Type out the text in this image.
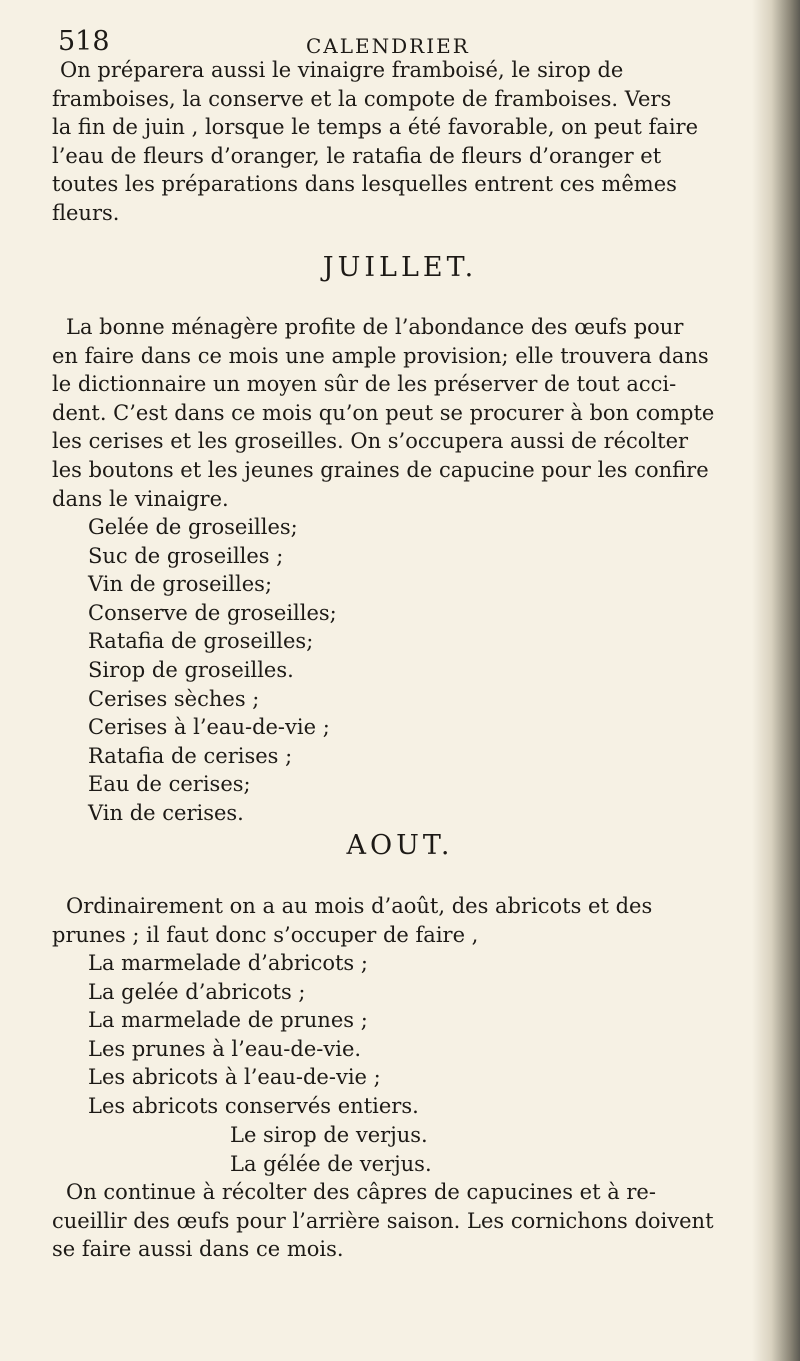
518	CALENDRIER
On préparera aussi le vinaigre framboisé, le sirop de
framboises, la conserve et la compote de framboises. Vers
la fin de juin , lorsque le temps a été favorable, on peut faire
l’eau de fleurs d’oranger, le ratafia de fleurs d’oranger et
toutes les préparations dans lesquelles entrent ces mêmes
fleurs.
JUILLET.
La bonne ménagère profite de l’abondance des œufs pour
en faire dans ce mois une ample provision; elle trouvera dans
le dictionnaire un moyen sûr de les préserver de tout acci-
dent. C’est dans ce mois qu’on peut se procurer à bon compte
les cerises et les groseilles. On s’occupera aussi de récolter
les boutons et les jeunes graines de capucine pour les confire
dans le vinaigre.
Gelée de groseilles;
Suc de groseilles ;
Vin de groseilles;
Conserve de groseilles;
Ratafia de groseilles;
Sirop de groseilles.
Cerises sèches ;
Cerises à l’eau-de-vie ;
Ratafia de cerises ;
Eau de cerises;
Vin de cerises.
AOUT.
Ordinairement on a au mois d’août, des abricots et des
prunes ; il faut donc s’occuper de faire ,
La marmelade d’abricots ;
La gelée d’abricots ;
La marmelade de prunes ;
Les prunes à l’eau-de-vie.
Les abricots à l’eau-de-vie ;
Les abricots conservés entiers.
Le sirop de verjus.
La gélée de verjus.
On continue à récolter des câpres de capucines et à re-
cueillir des œufs pour l’arrière saison. Les cornichons doivent
se faire aussi dans ce mois.
